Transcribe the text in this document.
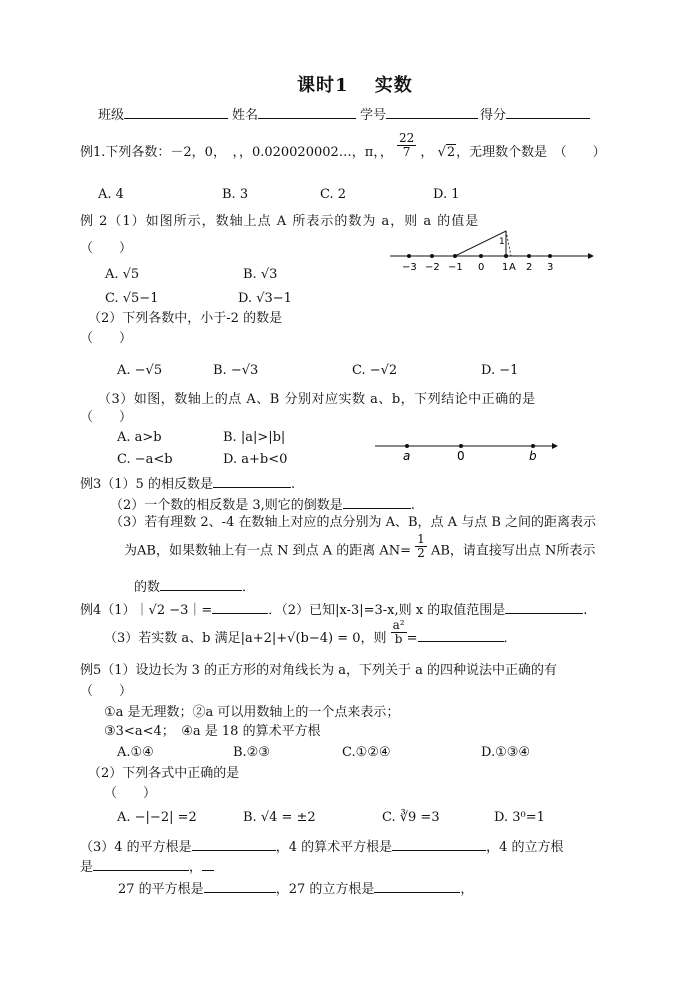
课时1　 实数
班级	姓名	学号	得分
例1.下列各数：－2，0，　，，0.020020002…，π，， $\frac{22}{7}$ ， √2，无理数个数是　（　　）
A. 4	B. 3	C. 2	D. 1
例 2（1）如图所示，数轴上点 A 所表示的数为 a，则 a 的值是
（　　）
A. √5	B. √3
C. √5−1	D. √3−1
1
−3 −2 −1 0 1 A 2 3
（2）下列各数中，小于-2 的数是
（　　）
A. −√5	B. −√3	C. −√2	D. −1
（3）如图，数轴上的点 A、B 分别对应实数 a、b，下列结论中正确的是
（　　）
A. a>b	B. |a|>|b|
C. −a<b	D. a+b<0	a	0	b
例3（1）5 的相反数是	.
（2）一个数的相反数是 3,则它的倒数是	.
（3）若有理数 2、-4 在数轴上对应的点分别为 A、B，点 A 与点 B 之间的距离表示
为AB，如果数轴上有一点 N 到点 A 的距离 $AN= \frac{1}{2}$ AB，请直接写出点 N所表示
的数	．
例4（1）｜√2 −3｜=	．（2）已知|x-3|=3-x,则 x 的取值范围是	.
（3）若实数 a、b 满足|a+2|+√(b−4) = 0，则 $\frac{\text{a²}}{b}$ =	．
例5（1）设边长为 3 的正方形的对角线长为 a，下列关于 a 的四种说法中正确的有
（　　）
①a 是无理数；②a 可以用数轴上的一个点来表示；
③3<a<4；　④a 是 18 的算术平方根
A.①④	B.②③	C.①②④	D.①③④
（2）下列各式中正确的是
（　　）
A. −|−2| =2	B. √4 = ±2	C. ∛9 =3	D. 3⁰=1
（3）4 的平方根是	，4 的算术平方根是	，4 的立方根
是	，
27 的平方根是	，27 的立方根是	，
